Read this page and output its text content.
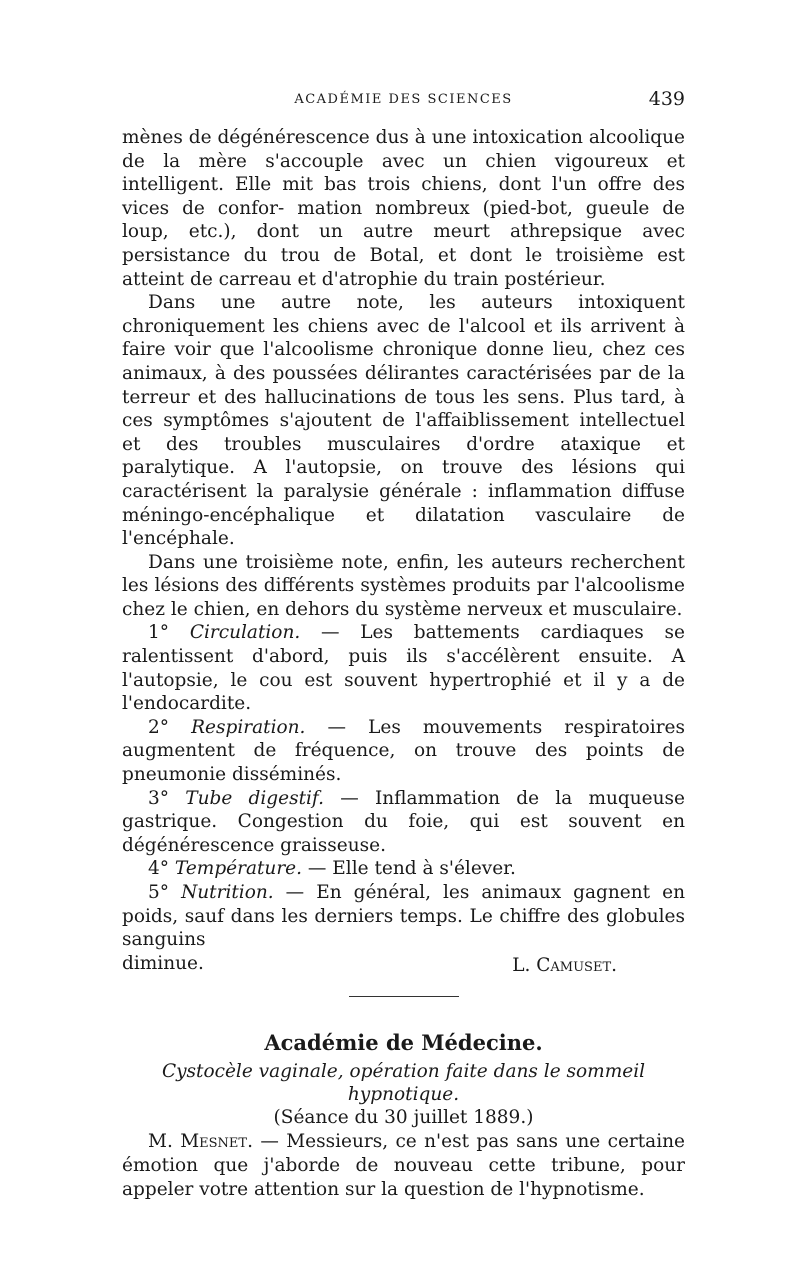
ACADÉMIE DES SCIENCES	439

mènes de dégénérescence dus à une intoxication alcoolique de la mère s'accouple avec un chien vigoureux et intelligent. Elle mit bas trois chiens, dont l'un offre des vices de confor- mation nombreux (pied-bot, gueule de loup, etc.), dont un autre meurt athrepsique avec persistance du trou de Botal, et dont le troisième est atteint de carreau et d'atrophie du train postérieur.

Dans une autre note, les auteurs intoxiquent chroniquement les chiens avec de l'alcool et ils arrivent à faire voir que l'alcoolisme chronique donne lieu, chez ces animaux, à des poussées délirantes caractérisées par de la terreur et des hallucinations de tous les sens. Plus tard, à ces symptômes s'ajoutent de l'affaiblissement intellectuel et des troubles musculaires d'ordre ataxique et paralytique. A l'autopsie, on trouve des lésions qui caractérisent la paralysie générale : inflammation diffuse méningo-encéphalique et dilatation vasculaire de l'encéphale.

Dans une troisième note, enfin, les auteurs recherchent les lésions des différents systèmes produits par l'alcoolisme chez le chien, en dehors du système nerveux et musculaire.

1° Circulation. — Les battements cardiaques se ralentissent d'abord, puis ils s'accélèrent ensuite. A l'autopsie, le cou est souvent hypertrophié et il y a de l'endocardite.

2° Respiration. — Les mouvements respiratoires augmentent de fréquence, on trouve des points de pneumonie disséminés.

3° Tube digestif. — Inflammation de la muqueuse gastrique. Congestion du foie, qui est souvent en dégénérescence graisseuse.

4° Température. — Elle tend à s'élever.

5° Nutrition. — En général, les animaux gagnent en poids, sauf dans les derniers temps. Le chiffre des globules sanguins

diminue.	L. Camuset.
Académie de Médecine.
Cystocèle vaginale, opération faite dans le sommeil hypnotique.
(Séance du 30 juillet 1889.)

M. Mesnet. — Messieurs, ce n'est pas sans une certaine émotion que j'aborde de nouveau cette tribune, pour appeler votre attention sur la question de l'hypnotisme.
